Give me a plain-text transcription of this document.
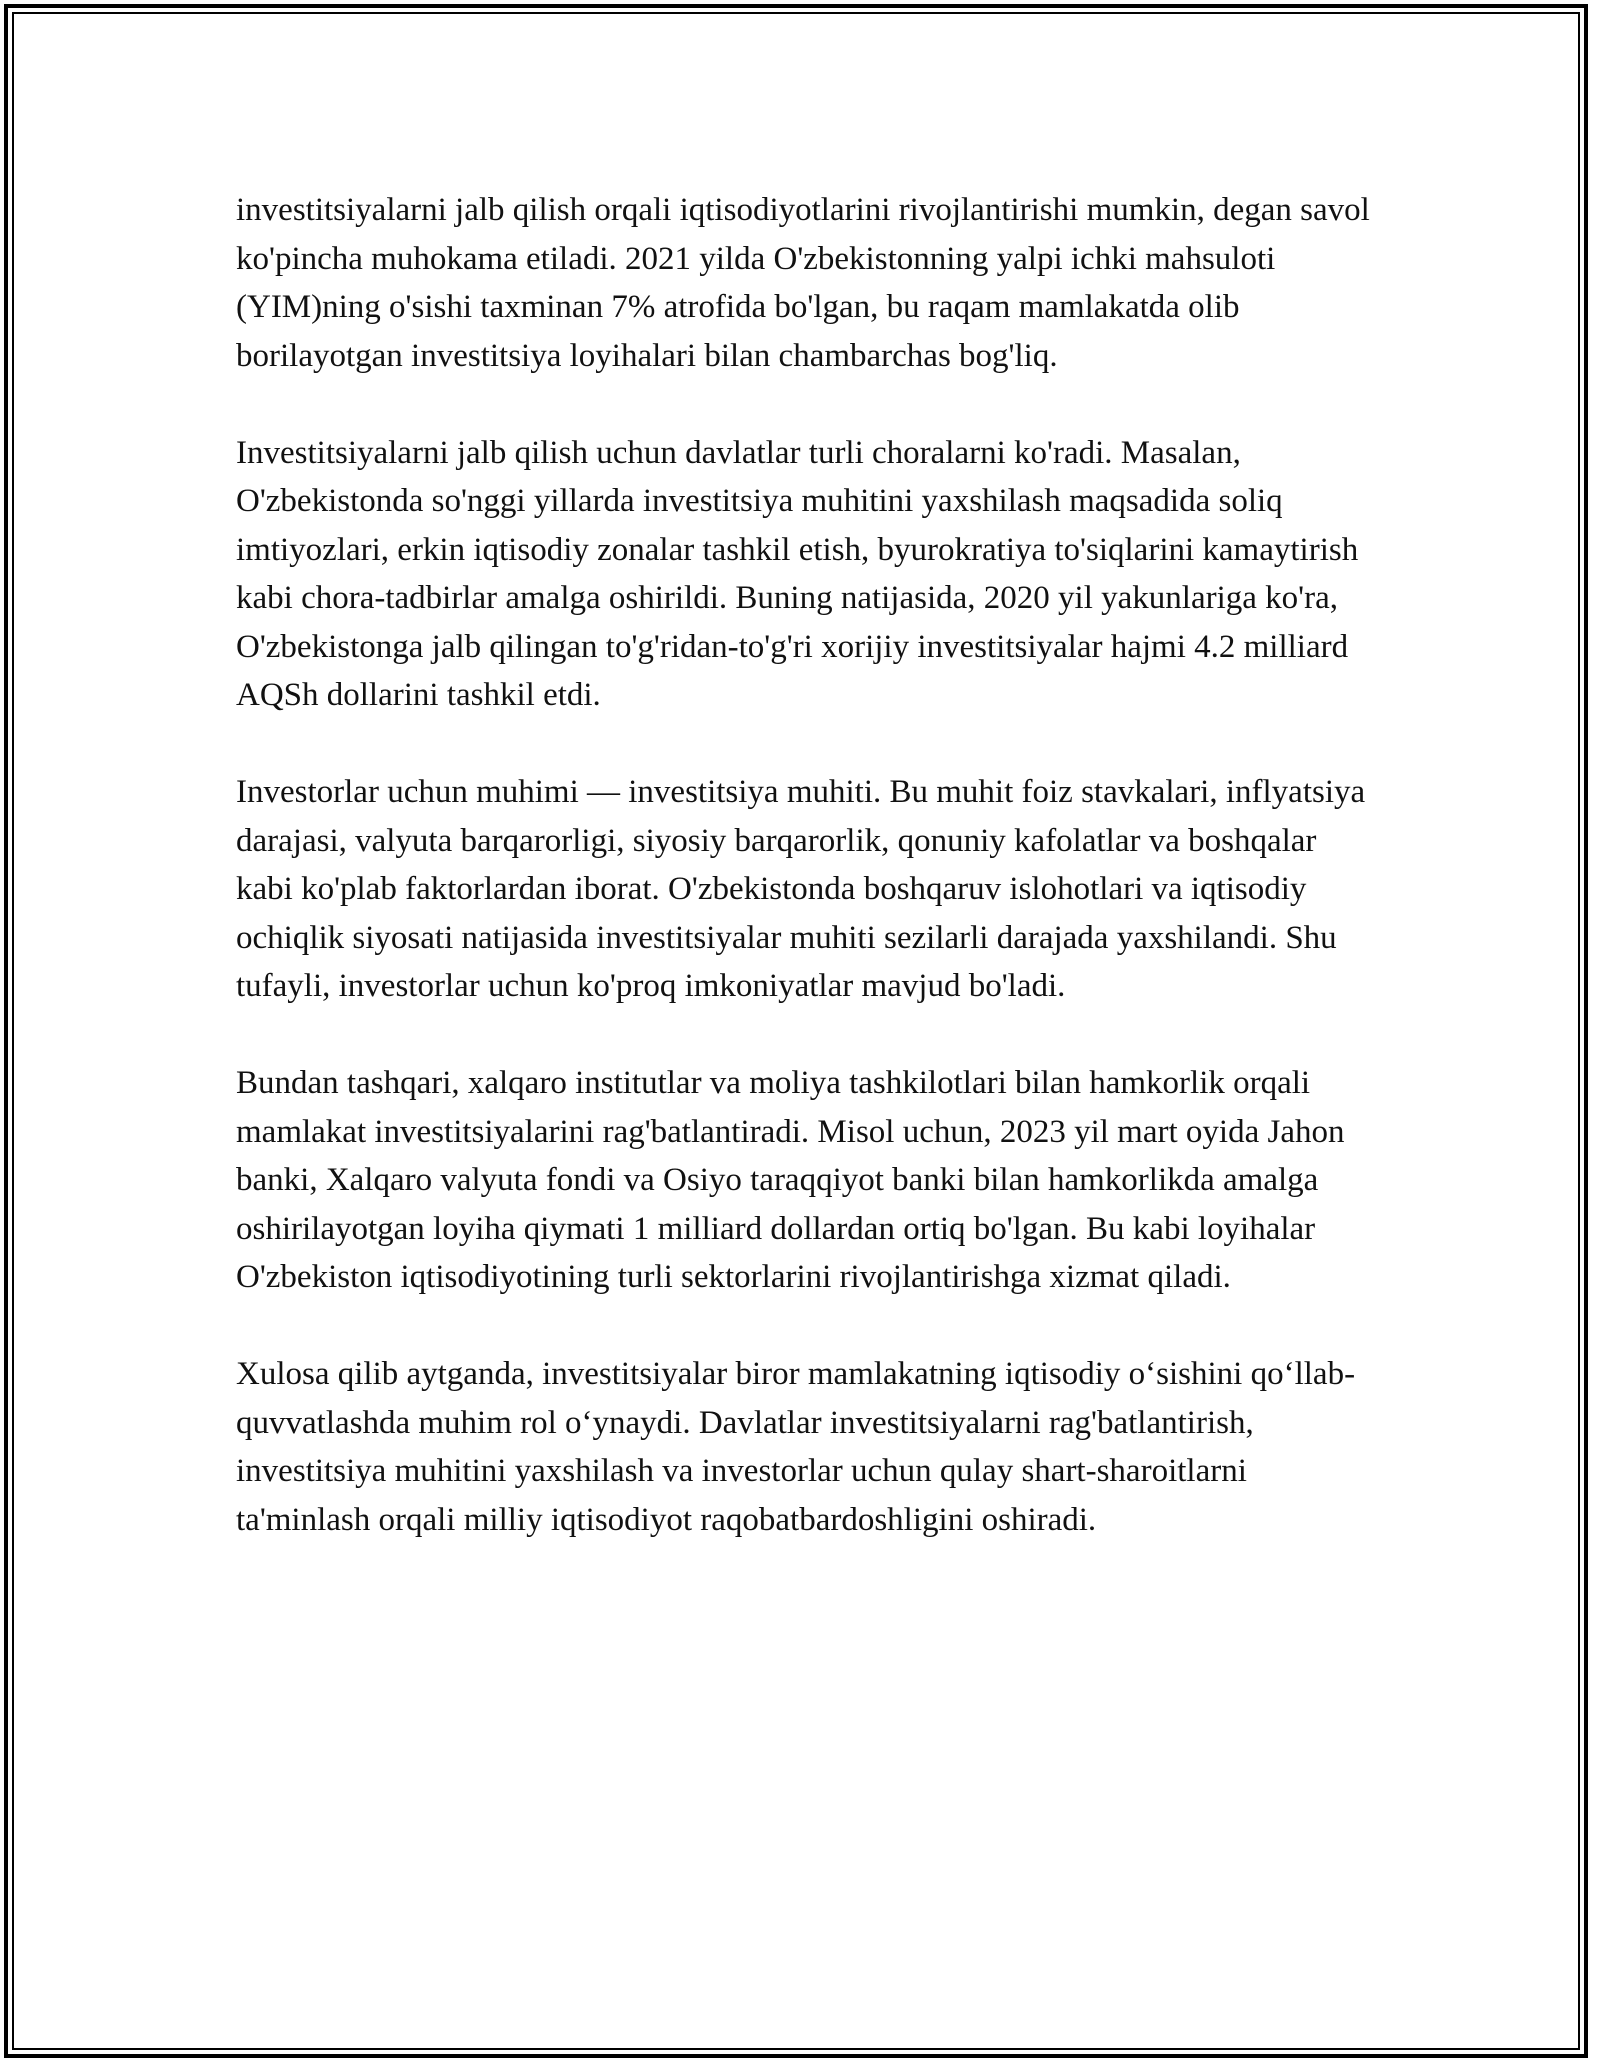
investitsiyalarni jalb qilish orqali iqtisodiyotlarini rivojlantirishi mumkin, degan savol ko'pincha muhokama etiladi. 2021 yilda O'zbekistonning yalpi ichki mahsuloti (YIM)ning o'sishi taxminan 7% atrofida bo'lgan, bu raqam mamlakatda olib borilayotgan investitsiya loyihalari bilan chambarchas bog'liq.

Investitsiyalarni jalb qilish uchun davlatlar turli choralarni ko'radi. Masalan, O'zbekistonda so'nggi yillarda investitsiya muhitini yaxshilash maqsadida soliq imtiyozlari, erkin iqtisodiy zonalar tashkil etish, byurokratiya to'siqlarini kamaytirish kabi chora-tadbirlar amalga oshirildi. Buning natijasida, 2020 yil yakunlariga ko'ra, O'zbekistonga jalb qilingan to'g'ridan-to'g'ri xorijiy investitsiyalar hajmi 4.2 milliard AQSh dollarini tashkil etdi.

Investorlar uchun muhimi — investitsiya muhiti. Bu muhit foiz stavkalari, inflyatsiya darajasi, valyuta barqarorligi, siyosiy barqarorlik, qonuniy kafolatlar va boshqalar kabi ko'plab faktorlardan iborat. O'zbekistonda boshqaruv islohotlari va iqtisodiy ochiqlik siyosati natijasida investitsiyalar muhiti sezilarli darajada yaxshilandi. Shu tufayli, investorlar uchun ko'proq imkoniyatlar mavjud bo'ladi.

Bundan tashqari, xalqaro institutlar va moliya tashkilotlari bilan hamkorlik orqali mamlakat investitsiyalarini rag'batlantiradi. Misol uchun, 2023 yil mart oyida Jahon banki, Xalqaro valyuta fondi va Osiyo taraqqiyot banki bilan hamkorlikda amalga oshirilayotgan loyiha qiymati 1 milliard dollardan ortiq bo'lgan. Bu kabi loyihalar O'zbekiston iqtisodiyotining turli sektorlarini rivojlantirishga xizmat qiladi.

Xulosa qilib aytganda, investitsiyalar biror mamlakatning iqtisodiy oʻsishini qoʻllab-quvvatlashda muhim rol oʻynaydi. Davlatlar investitsiyalarni rag'batlantirish, investitsiya muhitini yaxshilash va investorlar uchun qulay shart-sharoitlarni ta'minlash orqali milliy iqtisodiyot raqobatbardoshligini oshiradi.
